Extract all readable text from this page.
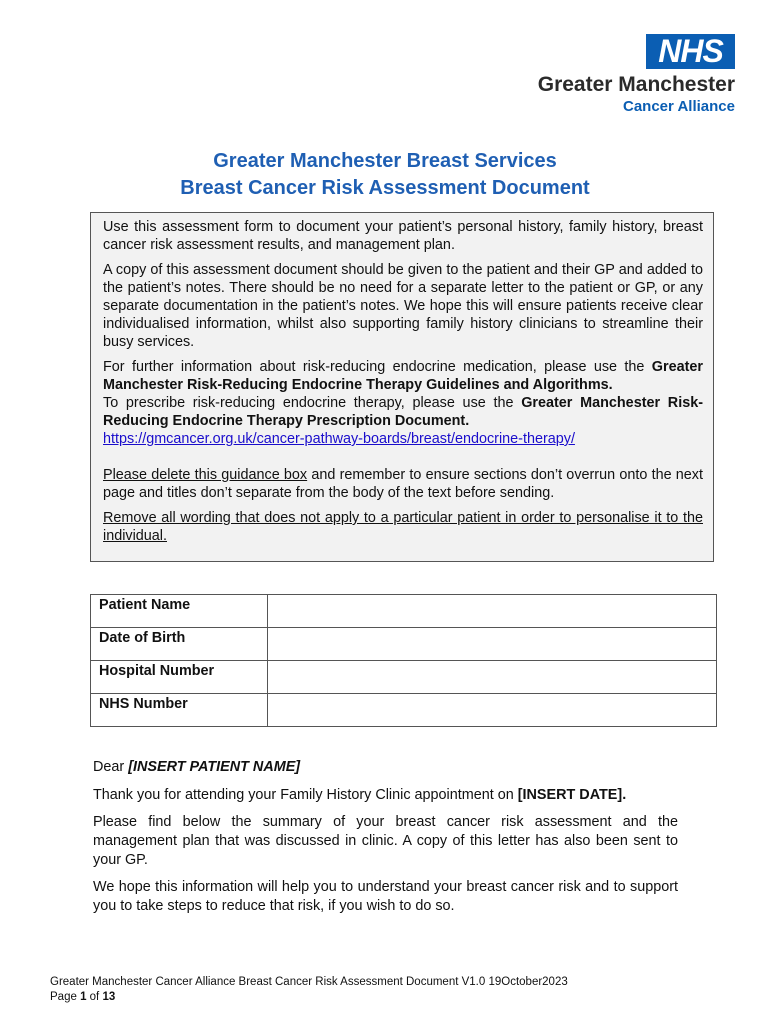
NHS
Greater Manchester
Cancer Alliance
Greater Manchester Breast Services
Breast Cancer Risk Assessment Document

Use this assessment form to document your patient’s personal history, family history, breast cancer risk assessment results, and management plan.

A copy of this assessment document should be given to the patient and their GP and added to the patient’s notes. There should be no need for a separate letter to the patient or GP, or any separate documentation in the patient’s notes. We hope this will ensure patients receive clear individualised information, whilst also supporting family history clinicians to streamline their busy services.

For further information about risk-reducing endocrine medication, please use the Greater Manchester Risk-Reducing Endocrine Therapy Guidelines and Algorithms.

To prescribe risk-reducing endocrine therapy, please use the Greater Manchester Risk-Reducing Endocrine Therapy Prescription Document.

https://gmcancer.org.uk/cancer-pathway-boards/breast/endocrine-therapy/

Please delete this guidance box and remember to ensure sections don’t overrun onto the next page and titles don’t separate from the body of the text before sending.

Remove all wording that does not apply to a particular patient in order to personalise it to the individual.

Patient Name	
Date of Birth	
Hospital Number	
NHS Number	
Dear [INSERT PATIENT NAME]
Thank you for attending your Family History Clinic appointment on [INSERT DATE].
Please find below the summary of your breast cancer risk assessment and the management plan that was discussed in clinic. A copy of this letter has also been sent to your GP.
We hope this information will help you to understand your breast cancer risk and to support you to take steps to reduce that risk, if you wish to do so.
Greater Manchester Cancer Alliance Breast Cancer Risk Assessment Document V1.0 19October2023
Page 1 of 13
